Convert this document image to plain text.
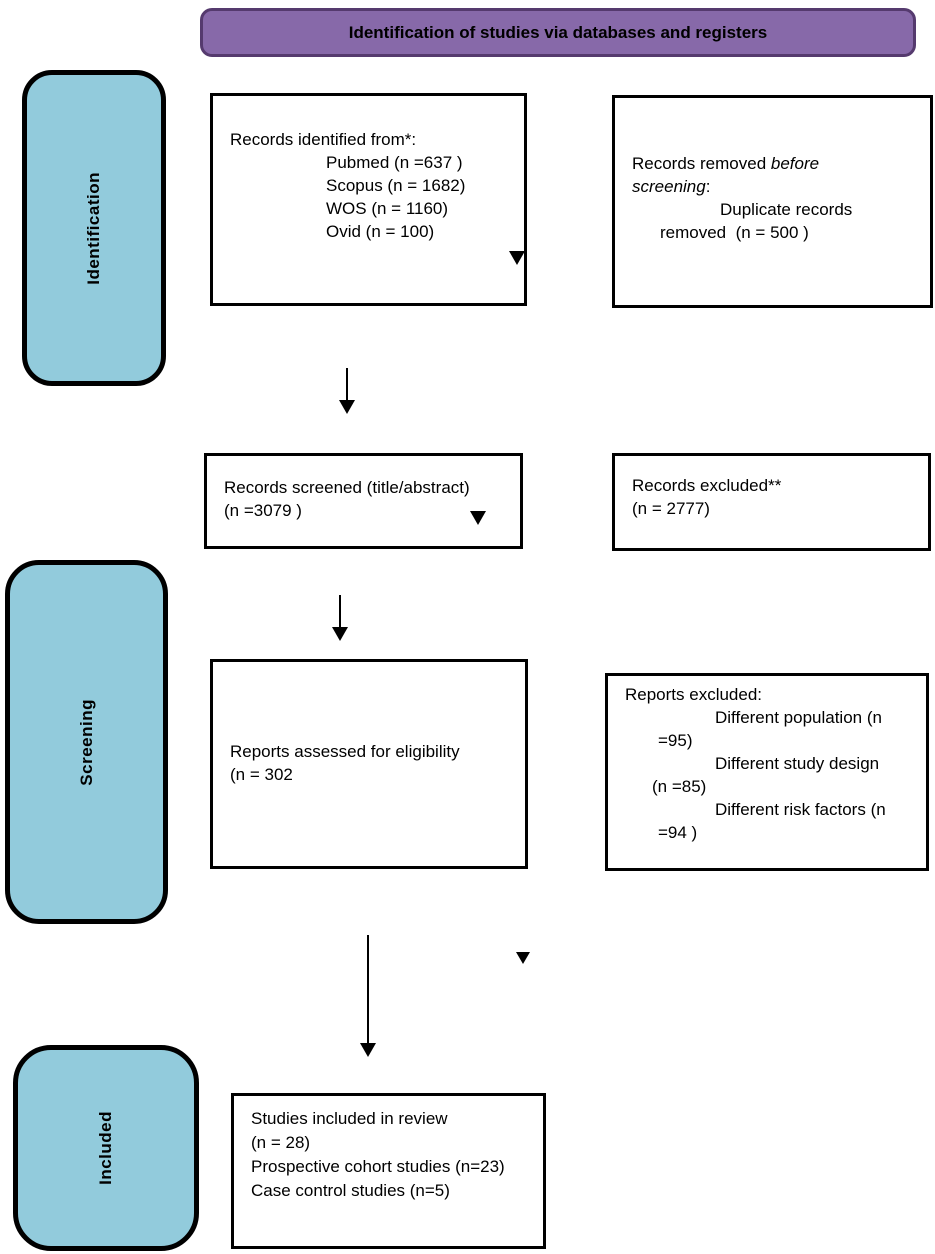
Identification of studies via databases and registers
Identification
Screening
Included
Records identified from*:
Pubmed (n =637 )
Scopus (n = 1682)
WOS (n = 1160)
Ovid (n = 100)
Records removed before
screening:
Duplicate records
removed  (n = 500 )
Records screened (title/abstract)
(n =3079 )
Records excluded**
(n = 2777)
Reports assessed for eligibility
(n = 302
Reports excluded:
Different population (n
=95)
Different study design
(n =85)
Different risk factors (n
=94 )
Studies included in review
(n = 28)
Prospective cohort studies (n=23)
Case control studies (n=5)
